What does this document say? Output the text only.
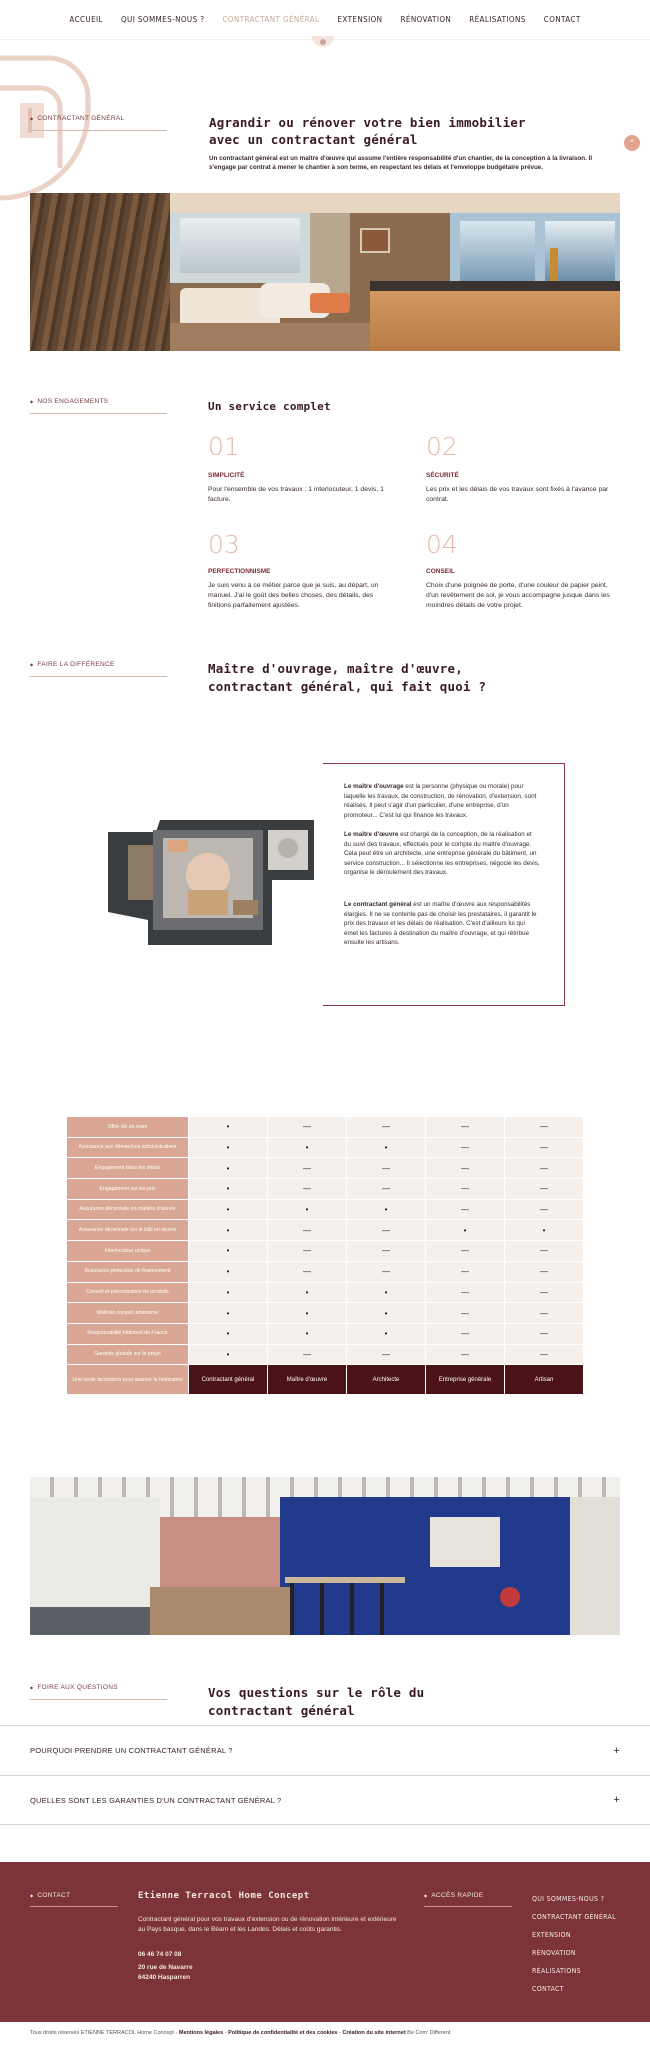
ACCUEIL QUI SOMMES-NOUS ? CONTRACTANT GÉNÉRAL EXTENSION RÉNOVATION RÉALISATIONS CONTACT
◆ CONTRACTANT GÉNÉRAL	Agrandir ou rénover votre bien immobilier
avec un contractant général
Un contractant général est un maître d'œuvre qui assume l'entière responsabilité d'un chantier, de la conception à la livraison. Il s'engage par contrat à mener le chantier à son terme, en respectant les délais et l'enveloppe budgétaire prévue.
⌃
◆ NOS ENGAGEMENTS	Un service complet
01
SIMPLICITÉ
Pour l'ensemble de vos travaux : 1 interlocuteur, 1 devis, 1 facture.
02
SÉCURITÉ
Les prix et les délais de vos travaux sont fixés à l'avance par contrat.
03
PERFECTIONNISME
Je suis venu à ce métier parce que je suis, au départ, un manuel. J'ai le goût des belles choses, des détails, des finitions parfaitement ajustées.
04
CONSEIL
Choix d'une poignée de porte, d'une couleur de papier peint, d'un revêtement de sol, je vous accompagne jusque dans les moindres détails de votre projet.
◆ FAIRE LA DIFFÉRENCE	Maître d'ouvrage, maître d'œuvre,
contractant général, qui fait quoi ?
Le maître d'ouvrage est la personne (physique ou morale) pour laquelle les travaux, de construction, de rénovation, d'extension, sont réalisés. Il peut s'agir d'un particulier, d'une entreprise, d'un promoteur... C'est lui qui finance les travaux.
Le maître d'œuvre est chargé de la conception, de la réalisation et du suivi des travaux, effectués pour le compte du maître d'ouvrage. Cela peut être un architecte, une entreprise générale du bâtiment, un service construction... Il sélectionne les entreprises, négocie les devis, organise le déroulement des travaux.
Le contractant général est un maître d'œuvre aux responsabilités élargies. Il ne se contente pas de choisir les prestataires, il garantit le prix des travaux et les délais de réalisation. C'est d'ailleurs lui qui émet les factures à destination du maître d'ouvrage, et qui rétribue ensuite les artisans.
Offre clé en main	•	—	—	—	—
Assistance aux démarches administratives	•	•	•	—	—
Engagement dans les délais	•	—	—	—	—
Engagement sur les prix	•	—	—	—	—
Assurance décennale en matière d'œuvre	•	•	•	—	—
Assurance décennale sur le bâti en œuvre	•	—	—	•	•
Interlocuteur unique	•	—	—	—	—
Assurance protection de financement	•	—	—	—	—
Conseil et préconisation de produits	•	•	•	—	—
Maîtrise conseil urbanisme	•	•	•	—	—
Responsabilité bâtiment de France	•	•	•	—	—
Garantie globale sur le projet	•	—	—	—	—
Une seule facturation pour assurer la réalisation	Contractant général	Maître d'œuvre	Architecte	Entreprise générale	Artisan
◆ FOIRE AUX QUESTIONS	Vos questions sur le rôle du
contractant général
POURQUOI PRENDRE UN CONTRACTANT GÉNÉRAL ?	+
QUELLES SONT LES GARANTIES D'UN CONTRACTANT GÉNÉRAL ?	+
◆ CONTACT	Etienne Terracol Home Concept
Contractant général pour vos travaux d'extension ou de rénovation intérieure et extérieure au Pays basque, dans le Béarn et les Landes. Délais et coûts garantis.
06 46 74 07 08
20 rue de Navarre
64240 Hasparren
◆ ACCÈS RAPIDE	QUI SOMMES-NOUS ?
CONTRACTANT GÉNÉRAL
EXTENSION
RÉNOVATION
RÉALISATIONS
CONTACT
Tous droits réservés ETIENNE TERRACOL Home Concept - Mentions légales - Politique de confidentialité et des cookies - Création du site internet Be Com' Different
